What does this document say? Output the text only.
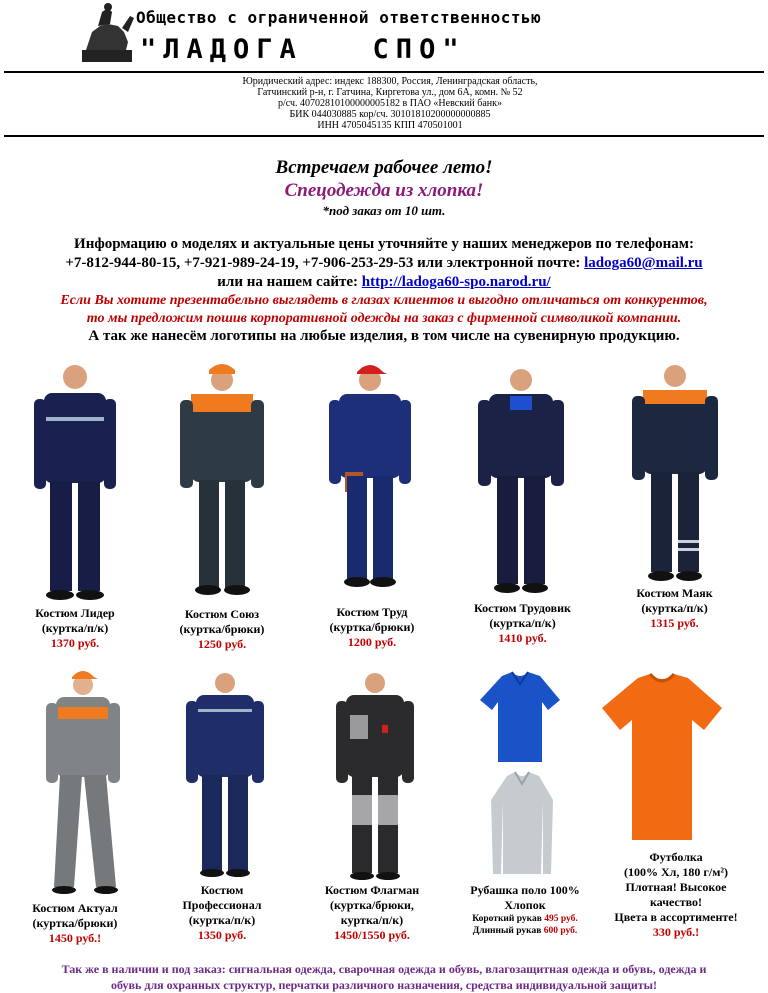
Общество с ограниченной ответственностью
"ЛАДОГА   СПО"
Юридический адрес: индекс 188300, Россия, Ленинградская область,
Гатчинский р-н, г. Гатчина, Киргетова ул., дом 6А, комн. № 52
р/сч. 40702810100000005182 в ПАО «Невский банк»
БИК 044030885 кор/сч. 30101810200000000885
ИНН 4705045135 КПП 470501001
Встречаем рабочее лето!
Спецодежда из хлопка!
*под заказ от 10 шт.
Информацию о моделях и актуальные цены уточняйте у наших менеджеров по телефонам:
+7-812-944-80-15, +7-921-989-24-19, +7-906-253-29-53 или электронной почте: ladoga60@mail.ru
или на нашем сайте: http://ladoga60-spo.narod.ru/
Если Вы хотите презентабельно выглядеть в глазах клиентов и выгодно отличаться от конкурентов,
то мы предложим пошив корпоративной одежды на заказ с фирменной символикой компании.
А так же нанесём логотипы на любые изделия, в том числе на сувенирную продукцию.
Костюм Лидер
(куртка/п/к)
1370 руб.
Костюм Союз
(куртка/брюки)
1250 руб.
Костюм Труд
(куртка/брюки)
1200 руб.
Костюм Трудовик
(куртка/п/к)
1410 руб.
Костюм Маяк
(куртка/п/к)
1315 руб.
Костюм Актуал
(куртка/брюки)
1450 руб.!
Костюм
Профессионал
(куртка/п/к)
1350 руб.
Костюм Флагман
(куртка/брюки,
куртка/п/к)
1450/1550 руб.
Рубашка поло 100%
Хлопок
Короткий рукав 495 руб.
Длинный рукав 600 руб.
Футболка
(100% Хл, 180 г/м²)
Плотная! Высокое
качество!
Цвета в ассортименте!
330 руб.!
Так же в наличии и под заказ: сигнальная одежда, сварочная одежда и обувь, влагозащитная одежда и обувь, одежда и
обувь для охранных структур, перчатки различного назначения, средства индивидуальной защиты!
